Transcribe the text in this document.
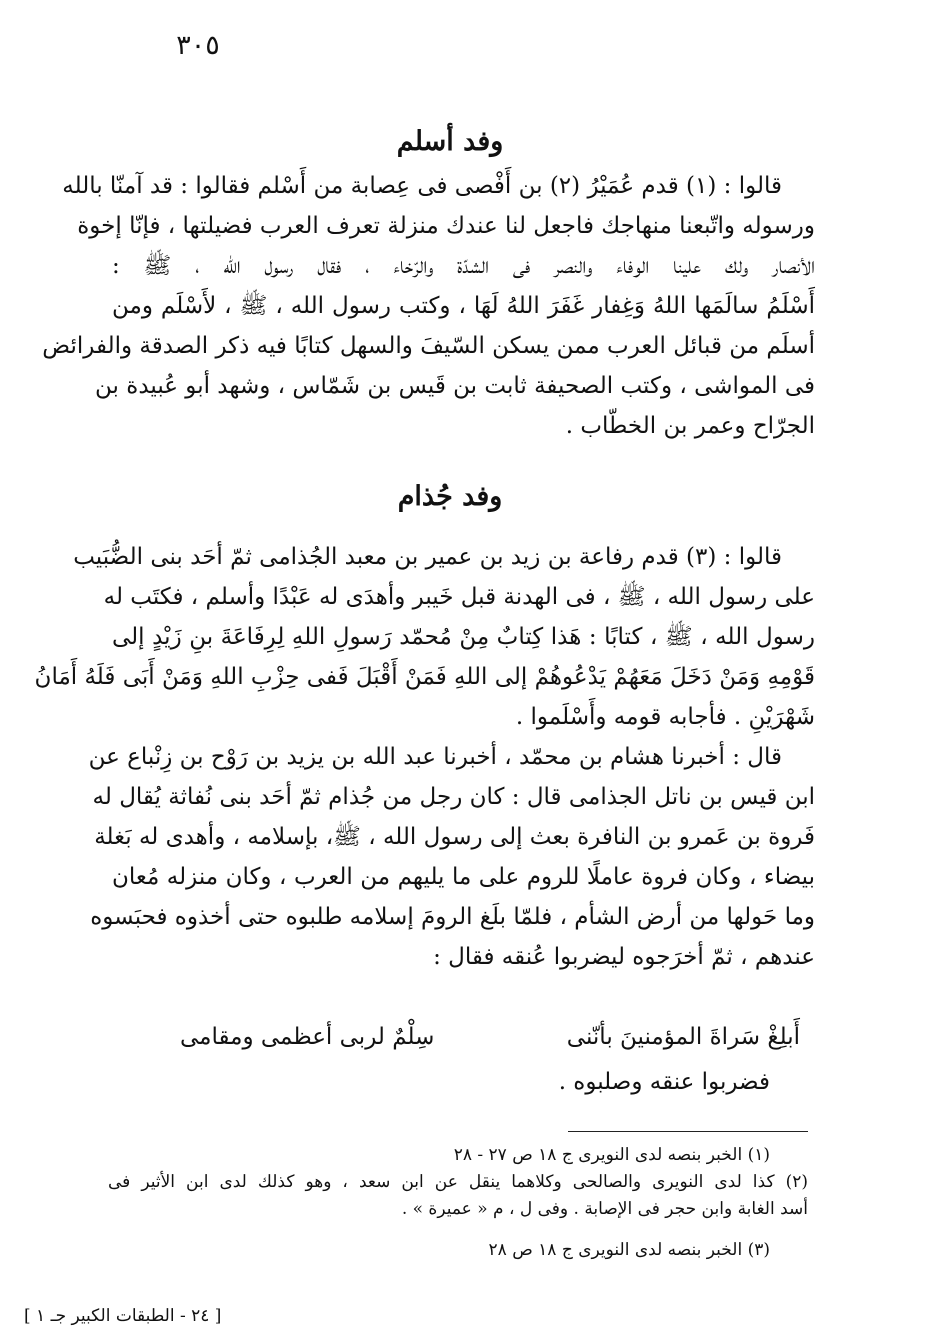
٣٠٥
وفد أسلم
قالوا : (١) قدم عُمَيْرُ (٢) بن أَفْصى فى عِصابة من أَسْلم فقالوا : قد آمنّا بالله
ورسوله واتّبعنا منهاجك فاجعل لنا عندك منزلة تعرف العرب فضيلتها ، فإنّا إخوة
الأنصار ولك علينا الوفاء والنصر فى الشدّة والرّخاء ، فقال رسول الله ، ﷺ :
أَسْلَمُ سالَمَها اللهُ وَغِفار غَفَرَ اللهُ لَهَا ، وكتب رسول الله ، ﷺ ، لأَسْلَم ومن
أسلَم من قبائل العرب ممن يسكن السّيفَ والسهل كتابًا فيه ذكر الصدقة والفرائض
فى المواشى ، وكتب الصحيفة ثابت بن قَيس بن شَمّاس ، وشهد أبو عُبيدة بن
الجرّاح وعمر بن الخطّاب .
وفد جُذام
قالوا : (٣) قدم رفاعة بن زيد بن عمير بن معبد الجُذامى ثمّ أحَد بنى الضُّبَيب
على رسول الله ، ﷺ ، فى الهدنة قبل خَيبر وأهدَى له عَبْدًا وأسلم ، فكتَب له
رسول الله ، ﷺ ، كتابًا : هَذا كِتابٌ مِنْ مُحمّد رَسولِ اللهِ لِرِفَاعَةَ بنِ زَيْدٍ إلى
قَوْمِهِ وَمَنْ دَخَلَ مَعَهُمْ يَدْعُوهُمْ إلى اللهِ فَمَنْ أَقْبَلَ فَفى حِزْبِ اللهِ وَمَنْ أَبَى فَلَهُ أَمَانُ
شَهْرَيْنِ . فأجابه قومه وأَسْلَموا .
قال : أخبرنا هشام بن محمّد ، أخبرنا عبد الله بن يزيد بن رَوْح بن زِنْباع عن
ابن قيس بن ناتل الجذامى قال : كان رجل من جُذام ثمّ أحَد بنى نُفاثة يُقال له
فَروة بن عَمرو بن النافرة بعث إلى رسول الله ، ﷺ، بإسلامه ، وأهدى له بَغلة
بيضاء ، وكان فروة عاملًا للروم على ما يليهم من العرب ، وكان منزله مُعان
وما حَولها من أرض الشأم ، فلمّا بلَغ الرومَ إسلامه طلبوه حتى أخذوه فحبَسوه
عندهم ، ثمّ أخرَجوه ليضربوا عُنقه فقال :
أَبلِغْ سَراةَ المؤمنينَ بأنّنى
سِلْمٌ لربى أعظمى ومقامى
فضربوا عنقه وصلبوه .
(١) الخبر بنصه لدى النويرى ج ١٨ ص ٢٧ - ٢٨
(٢) كذا لدى النويرى والصالحى وكلاهما ينقل عن ابن سعد ، وهو كذلك لدى ابن الأثير فى
أسد الغابة وابن حجر فى الإصابة . وفى ل ، م « عميرة » .
(٣) الخبر بنصه لدى النويرى ج ١٨ ص ٢٨
[ ٢٤ - الطبقات الكبير جـ ١ ]
